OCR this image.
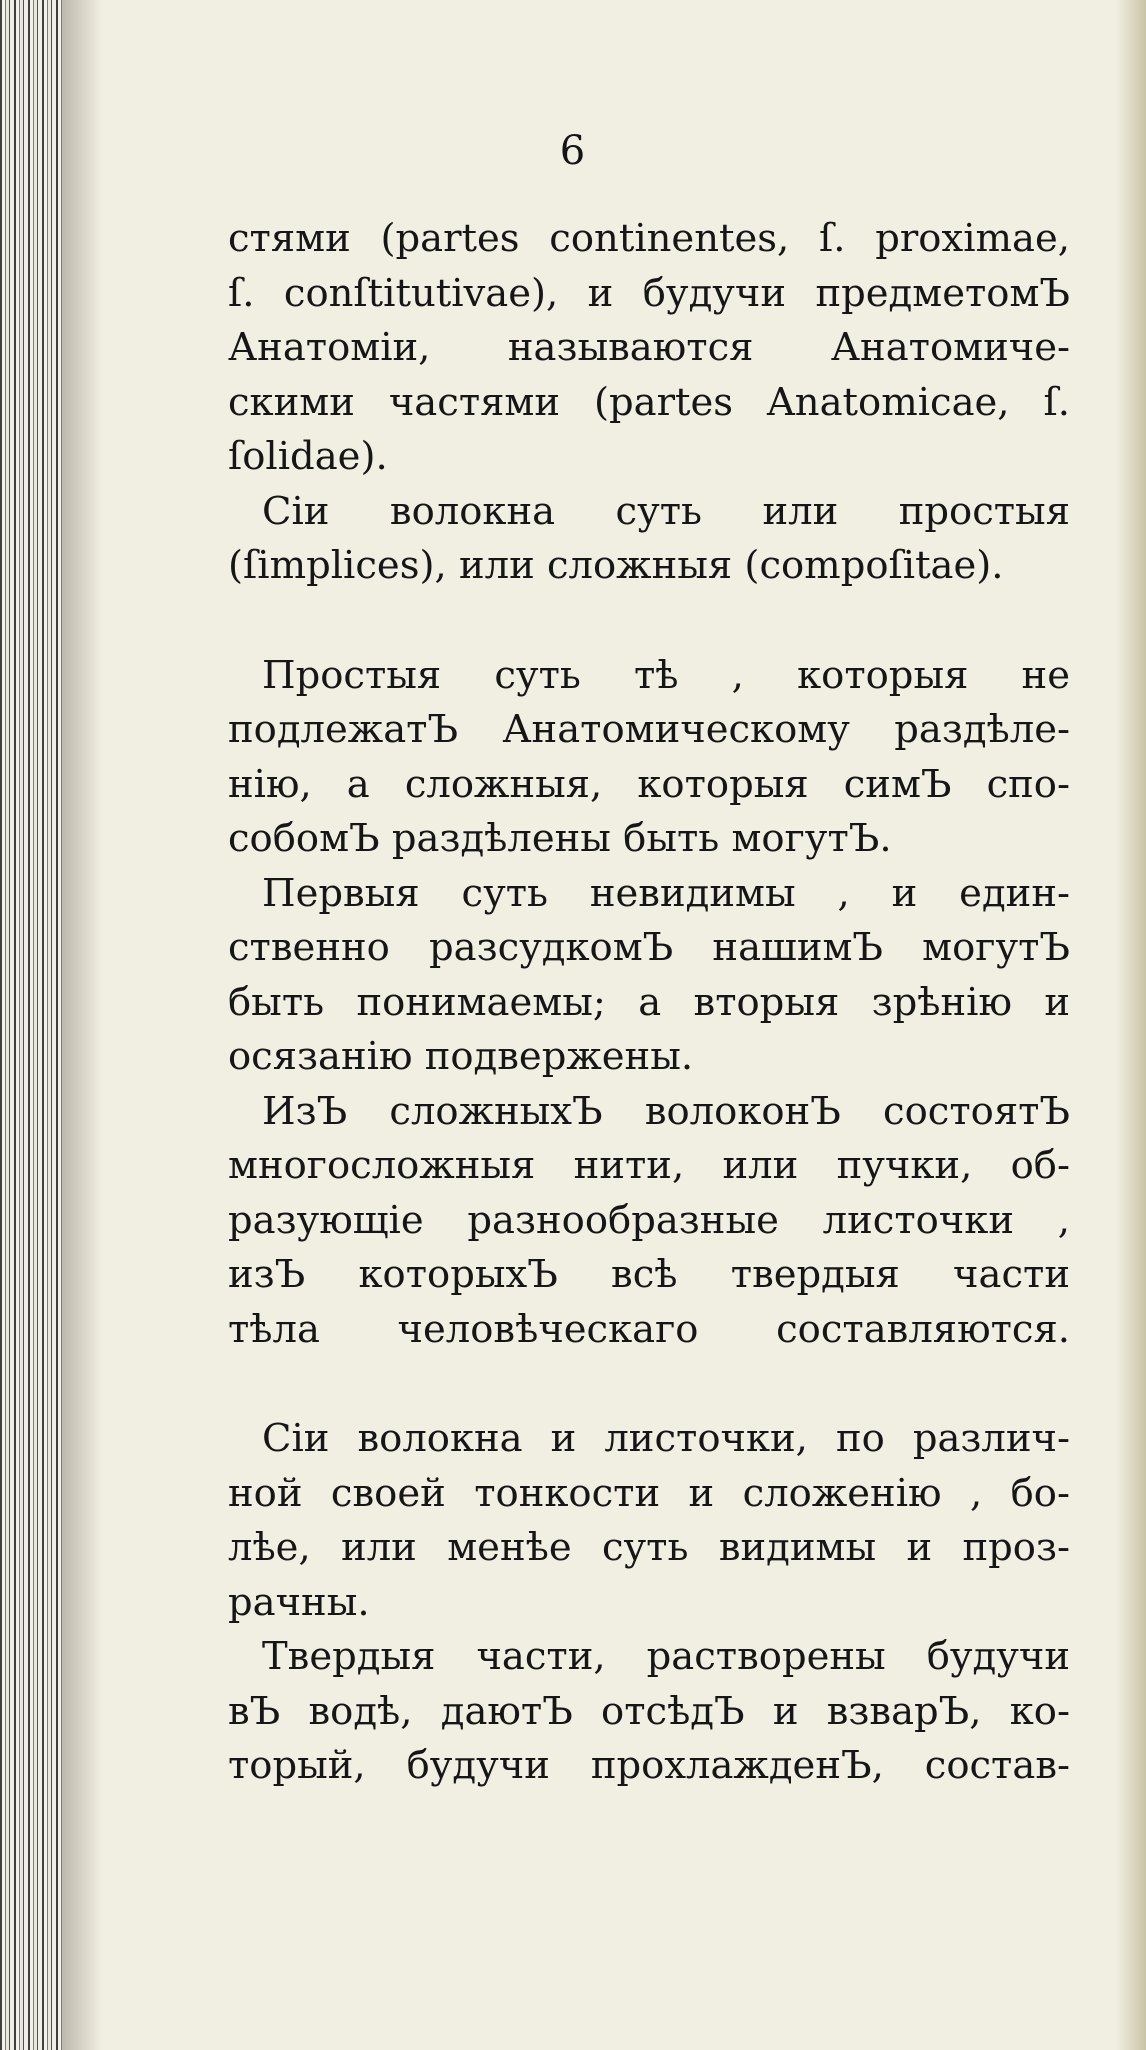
6
стями (partes continentes, ſ. proximae,
ſ. conſtitutivae), и будучи предметомЪ
Анатоміи, называются Анатомиче-
скими частями (partes Anatomicae, ſ.
ſolidae).
Сіи волокна суть или простыя
(ſimplices), или сложныя (compoſitae).
Простыя суть тѣ , которыя не
подлежатЪ Анатомическому раздѣле-
нію, а сложныя, которыя симЪ спо-
собомЪ раздѣлены быть могутЪ.
Первыя суть невидимы , и един-
ственно разсудкомЪ нашимЪ могутЪ
быть понимаемы; а вторыя зрѣнію и
осязанію подвержены.
ИзЪ сложныхЪ волоконЪ состоятЪ
многосложныя нити, или пучки, об-
разующіе разнообразные листочки ,
изЪ которыхЪ всѣ твердыя части
тѣла человѣческаго составляются.
Сіи волокна и листочки, по различ-
ной своей тонкости и сложенію , бо-
лѣе, или менѣе суть видимы и проз-
рачны.
Твердыя части, растворены будучи
вЪ водѣ, даютЪ отсѣдЪ и взварЪ, ко-
торый, будучи прохлажденЪ, состав-
